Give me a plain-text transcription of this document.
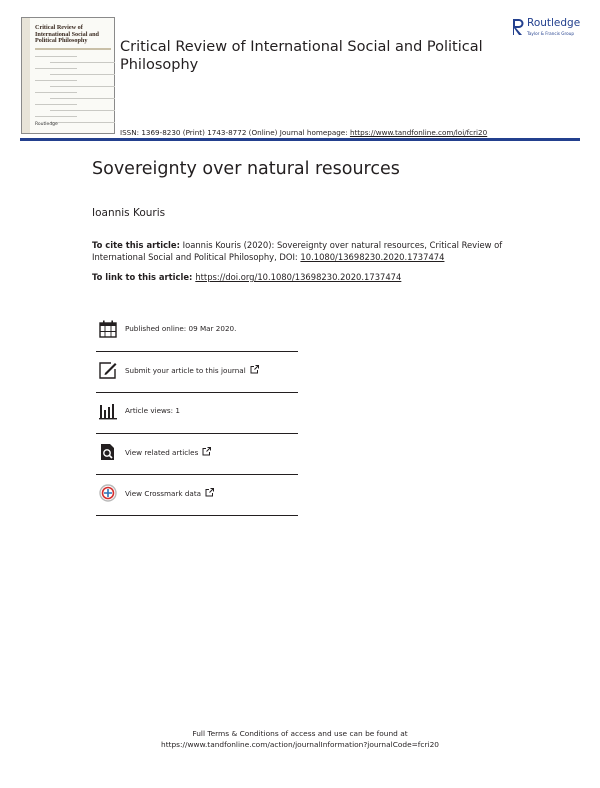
Critical Review of International Social and Political Philosophy
Routledge
Critical Review of International Social and Political Philosophy
Routledge
Taylor & Francis Group
ISSN: 1369-8230 (Print) 1743-8772 (Online) Journal homepage: https://www.tandfonline.com/loi/fcri20
Sovereignty over natural resources
Ioannis Kouris
To cite this article: Ioannis Kouris (2020): Sovereignty over natural resources, Critical Review of International Social and Political Philosophy, DOI: 10.1080/13698230.2020.1737474
To link to this article: https://doi.org/10.1080/13698230.2020.1737474
Published online: 09 Mar 2020.
Submit your article to this journal
Article views: 1
View related articles
View Crossmark data
Full Terms & Conditions of access and use can be found at
https://www.tandfonline.com/action/journalInformation?journalCode=fcri20
